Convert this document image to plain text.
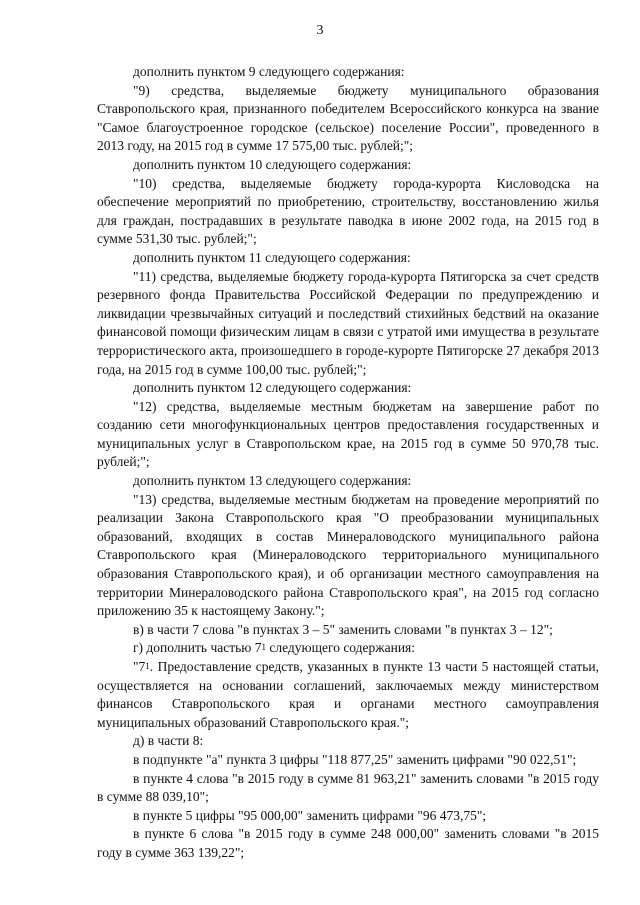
3

дополнить пунктом 9 следующего содержания:

"9) средства, выделяемые бюджету муниципального образования Ставропольского края, признанного победителем Всероссийского конкурса на звание "Самое благоустроенное городское (сельское) поселение России", проведенного в 2013 году, на 2015 год в сумме 17 575,00 тыс. рублей;";

дополнить пунктом 10 следующего содержания:

"10) средства, выделяемые бюджету города-курорта Кисловодска на обеспечение мероприятий по приобретению, строительству, восстановлению жилья для граждан, пострадавших в результате паводка в июне 2002 года, на 2015 год в сумме 531,30 тыс. рублей;";

дополнить пунктом 11 следующего содержания:

"11) средства, выделяемые бюджету города-курорта Пятигорска за счет средств резервного фонда Правительства Российской Федерации по предупреждению и ликвидации чрезвычайных ситуаций и последствий стихийных бедствий на оказание финансовой помощи физическим лицам в связи с утратой ими имущества в результате террористического акта, произошедшего в городе-курорте Пятигорске 27 декабря 2013 года, на 2015 год в сумме 100,00 тыс. рублей;";

дополнить пунктом 12 следующего содержания:

"12) средства, выделяемые местным бюджетам на завершение работ по созданию сети многофункциональных центров предоставления государственных и муниципальных услуг в Ставропольском крае, на 2015 год в сумме 50 970,78 тыс. рублей;";

дополнить пунктом 13 следующего содержания:

"13) средства, выделяемые местным бюджетам на проведение мероприятий по реализации Закона Ставропольского края "О преобразовании муниципальных образований, входящих в состав Минераловодского муниципального района Ставропольского края (Минераловодского территориального муниципального образования Ставропольского края), и об организации местного самоуправления на территории Минераловодского района Ставропольского края", на 2015 год согласно приложению 35 к настоящему Закону.";

в) в части 7 слова "в пунктах 3 – 5" заменить словами "в пунктах 3 – 12";

г) дополнить частью $7^1$ следующего содержания:

"$7^1$. Предоставление средств, указанных в пункте 13 части 5 настоящей статьи, осуществляется на основании соглашений, заключаемых между министерством финансов Ставропольского края и органами местного самоуправления муниципальных образований Ставропольского края.";

д) в части 8:

в подпункте "а" пункта 3 цифры "118 877,25" заменить цифрами "90 022,51";

в пункте 4 слова "в 2015 году в сумме 81 963,21" заменить словами "в 2015 году в сумме 88 039,10";

в пункте 5 цифры "95 000,00" заменить цифрами "96 473,75";

в пункте 6 слова "в 2015 году в сумме 248 000,00" заменить словами "в 2015 году в сумме 363 139,22";
